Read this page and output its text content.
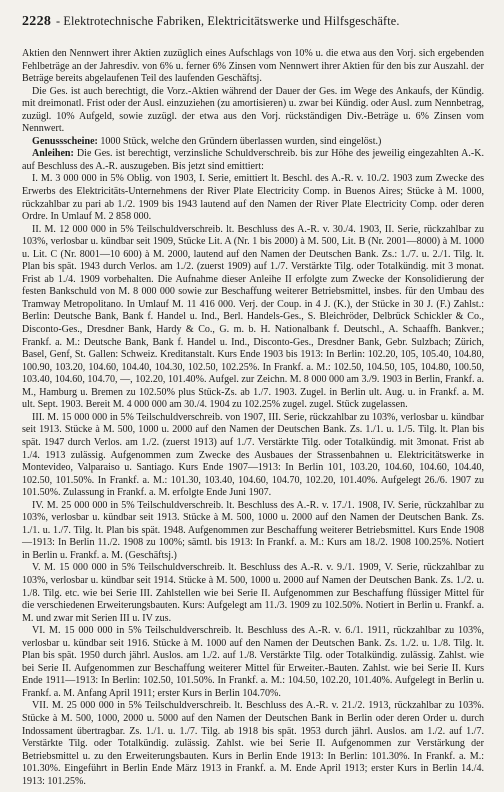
2228 - Elektrotechnische Fabriken, Elektricitätswerke und Hilfsgeschäfte.

Aktien den Nennwert ihrer Aktien zuzüglich eines Aufschlags von 10% u. die etwa aus den Vorj. sich ergebenden Fehlbeträge an der Jahresdiv. von 6% u. ferner 6% Zinsen vom Nennwert ihrer Aktien für den bis zur Auszahl. der Beträge bereits abgelaufenen Teil des laufenden Geschäftsj.

Die Ges. ist auch berechtigt, die Vorz.-Aktien während der Dauer der Ges. im Wege des Ankaufs, der Kündig. mit dreimonatl. Frist oder der Ausl. einzuziehen (zu amortisieren) u. zwar bei Kündig. oder Ausl. zum Nennbetrag, zuzügl. 10% Aufgeld, sowie zuzügl. der etwa aus den Vorj. rückständigen Div.-Beträge u. 6% Zinsen vom Nennwert.

Genussscheine: 1000 Stück, welche den Gründern überlassen wurden, sind eingelöst.)

Anleihen: Die Ges. ist berechtigt, verzinsliche Schuldverschreib. bis zur Höhe des jeweilig eingezahlten A.-K. auf Beschluss des A.-R. auszugeben. Bis jetzt sind emittiert:

I. M. 3 000 000 in 5% Oblig. von 1903, I. Serie, emittiert lt. Beschl. des A.-R. v. 10./2. 1903 zum Zwecke des Erwerbs des Elektricitäts-Unternehmens der River Plate Electricity Comp. in Buenos Aires; Stücke à M. 1000, rückzahlbar zu pari ab 1./2. 1909 bis 1943 lautend auf den Namen der River Plate Electricity Comp. oder deren Ordre. In Umlauf M. 2 858 000.

II. M. 12 000 000 in 5% Teilschuldverschreib. lt. Beschluss des A.-R. v. 30./4. 1903, II. Serie, rückzahlbar zu 103%, verlosbar u. kündbar seit 1909, Stücke Lit. A (Nr. 1 bis 2000) à M. 500, Lit. B (Nr. 2001—8000) à M. 1000 u. Lit. C (Nr. 8001—10 600) à M. 2000, lautend auf den Namen der Deutschen Bank. Zs.: 1./7. u. 2./1. Tilg. lt. Plan bis spät. 1943 durch Verlos. am 1./2. (zuerst 1909) auf 1./7. Verstärkte Tilg. oder Totalkündig. mit 3 monat. Frist ab 1./4. 1909 vorbehalten. Die Aufnahme dieser Anleihe II erfolgte zum Zwecke der Konsolidierung der festen Bankschuld von M. 8 000 000 sowie zur Beschaffung weiterer Betriebsmittel, insbes. für den Umbau des Tramway Metropolitano. In Umlauf M. 11 416 000. Verj. der Coup. in 4 J. (K.), der Stücke in 30 J. (F.) Zahlst.: Berlin: Deutsche Bank, Bank f. Handel u. Ind., Berl. Handels-Ges., S. Bleichröder, Delbrück Schickler & Co., Disconto-Ges., Dresdner Bank, Hardy & Co., G. m. b. H. Nationalbank f. Deutschl., A. Schaaffh. Bankver.; Frankf. a. M.: Deutsche Bank, Bank f. Handel u. Ind., Disconto-Ges., Dresdner Bank, Gebr. Sulzbach; Zürich, Basel, Genf, St. Gallen: Schweiz. Kreditanstalt. Kurs Ende 1903 bis 1913: In Berlin: 102.20, 105, 105.40, 104.80, 100.90, 103.20, 104.60, 104.40, 104.30, 102.50, 102.25%. In Frankf. a. M.: 102.50, 104.50, 105, 104.80, 100.50, 103.40, 104.60, 104.70, —, 102.20, 101.40%. Aufgel. zur Zeichn. M. 8 000 000 am 3./9. 1903 in Berlin, Frankf. a. M., Hamburg u. Bremen zu 102.50% plus Stück-Zs. ab 1./7. 1903. Zugel. in Berlin ult. Aug. u. in Frankf. a. M. ult. Sept. 1903. Bereit M. 4 000 000 am 30./4. 1904 zu 102.25% zugel. zugel. Stück zugelassen.

III. M. 15 000 000 in 5% Teilschuldverschreib. von 1907, III. Serie, rückzahlbar zu 103%, verlosbar u. kündbar seit 1913. Stücke à M. 500, 1000 u. 2000 auf den Namen der Deutschen Bank. Zs. 1./1. u. 1./5. Tilg. lt. Plan bis spät. 1947 durch Verlos. am 1./2. (zuerst 1913) auf 1./7. Verstärkte Tilg. oder Totalkündig. mit 3monat. Frist ab 1./4. 1913 zulässig. Aufgenommen zum Zwecke des Ausbaues der Strassenbahnen u. Elektricitätswerke in Montevideo, Valparaiso u. Santiago. Kurs Ende 1907—1913: In Berlin 101, 103.20, 104.60, 104.60, 104.40, 102.50, 101.50%. In Frankf. a. M.: 101.30, 103.40, 104.60, 104.70, 102.20, 101.40%. Aufgelegt 26./6. 1907 zu 101.50%. Zulassung in Frankf. a. M. erfolgte Ende Juni 1907.

IV. M. 25 000 000 in 5% Teilschuldverschreib. lt. Beschluss des A.-R. v. 17./1. 1908, IV. Serie, rückzahlbar zu 103%, verlosbar u. kündbar seit 1913. Stücke à M. 500, 1000 u. 2000 auf den Namen der Deutschen Bank. Zs. 1./1. u. 1./7. Tilg. lt. Plan bis spät. 1948. Aufgenommen zur Beschaffung weiterer Betriebsmittel. Kurs Ende 1908—1913: In Berlin 11./2. 1908 zu 100%; sämtl. bis 1913: In Frankf. a. M.: Kurs am 18./2. 1908 100.25%. Notiert in Berlin u. Frankf. a. M. (Geschäftsj.)

V. M. 15 000 000 in 5% Teilschuldverschreib. lt. Beschluss des A.-R. v. 9./1. 1909, V. Serie, rückzahlbar zu 103%, verlosbar u. kündbar seit 1914. Stücke à M. 500, 1000 u. 2000 auf Namen der Deutschen Bank. Zs. 1./2. u. 1./8. Tilg. etc. wie bei Serie III. Zahlstellen wie bei Serie II. Aufgenommen zur Beschaffung flüssiger Mittel für die verschiedenen Erweiterungsbauten. Kurs: Aufgelegt am 11./3. 1909 zu 102.50%. Notiert in Berlin u. Frankf. a. M. und zwar mit Serien III u. IV zus.

VI. M. 15 000 000 in 5% Teilschuldverschreib. lt. Beschluss des A.-R. v. 6./1. 1911, rückzahlbar zu 103%, verlosbar u. kündbar seit 1916. Stücke à M. 1000 auf den Namen der Deutschen Bank. Zs. 1./2. u. 1./8. Tilg. lt. Plan bis spät. 1950 durch jährl. Auslos. am 1./2. auf 1./8. Verstärkte Tilg. oder Totalkündig. zulässig. Zahlst. wie bei Serie II. Aufgenommen zur Beschaffung weiterer Mittel für Erweiter.-Bauten. Zahlst. wie bei Serie II. Kurs Ende 1911—1913: In Berlin: 102.50, 101.50%. In Frankf. a. M.: 104.50, 102.20, 101.40%. Aufgelegt in Berlin u. Frankf. a. M. Anfang April 1911; erster Kurs in Berlin 104.70%.

VII. M. 25 000 000 in 5% Teilschuldverschreib. lt. Beschluss des A.-R. v. 21./2. 1913, rückzahlbar zu 103%. Stücke à M. 500, 1000, 2000 u. 5000 auf den Namen der Deutschen Bank in Berlin oder deren Order u. durch Indossament übertragbar. Zs. 1./1. u. 1./7. Tilg. ab 1918 bis spät. 1953 durch jährl. Auslos. am 1./2. auf 1./7. Verstärkte Tilg. oder Totalkündig. zulässig. Zahlst. wie bei Serie II. Aufgenommen zur Verstärkung der Betriebsmittel u. zu den Erweiterungsbauten. Kurs in Berlin Ende 1913: In Berlin: 101.30%. In Frankf. a. M.: 101.30%. Eingeführt in Berlin Ende März 1913 in Frankf. a. M. Ende April 1913; erster Kurs in Berlin 14./4. 1913: 101.25%.
